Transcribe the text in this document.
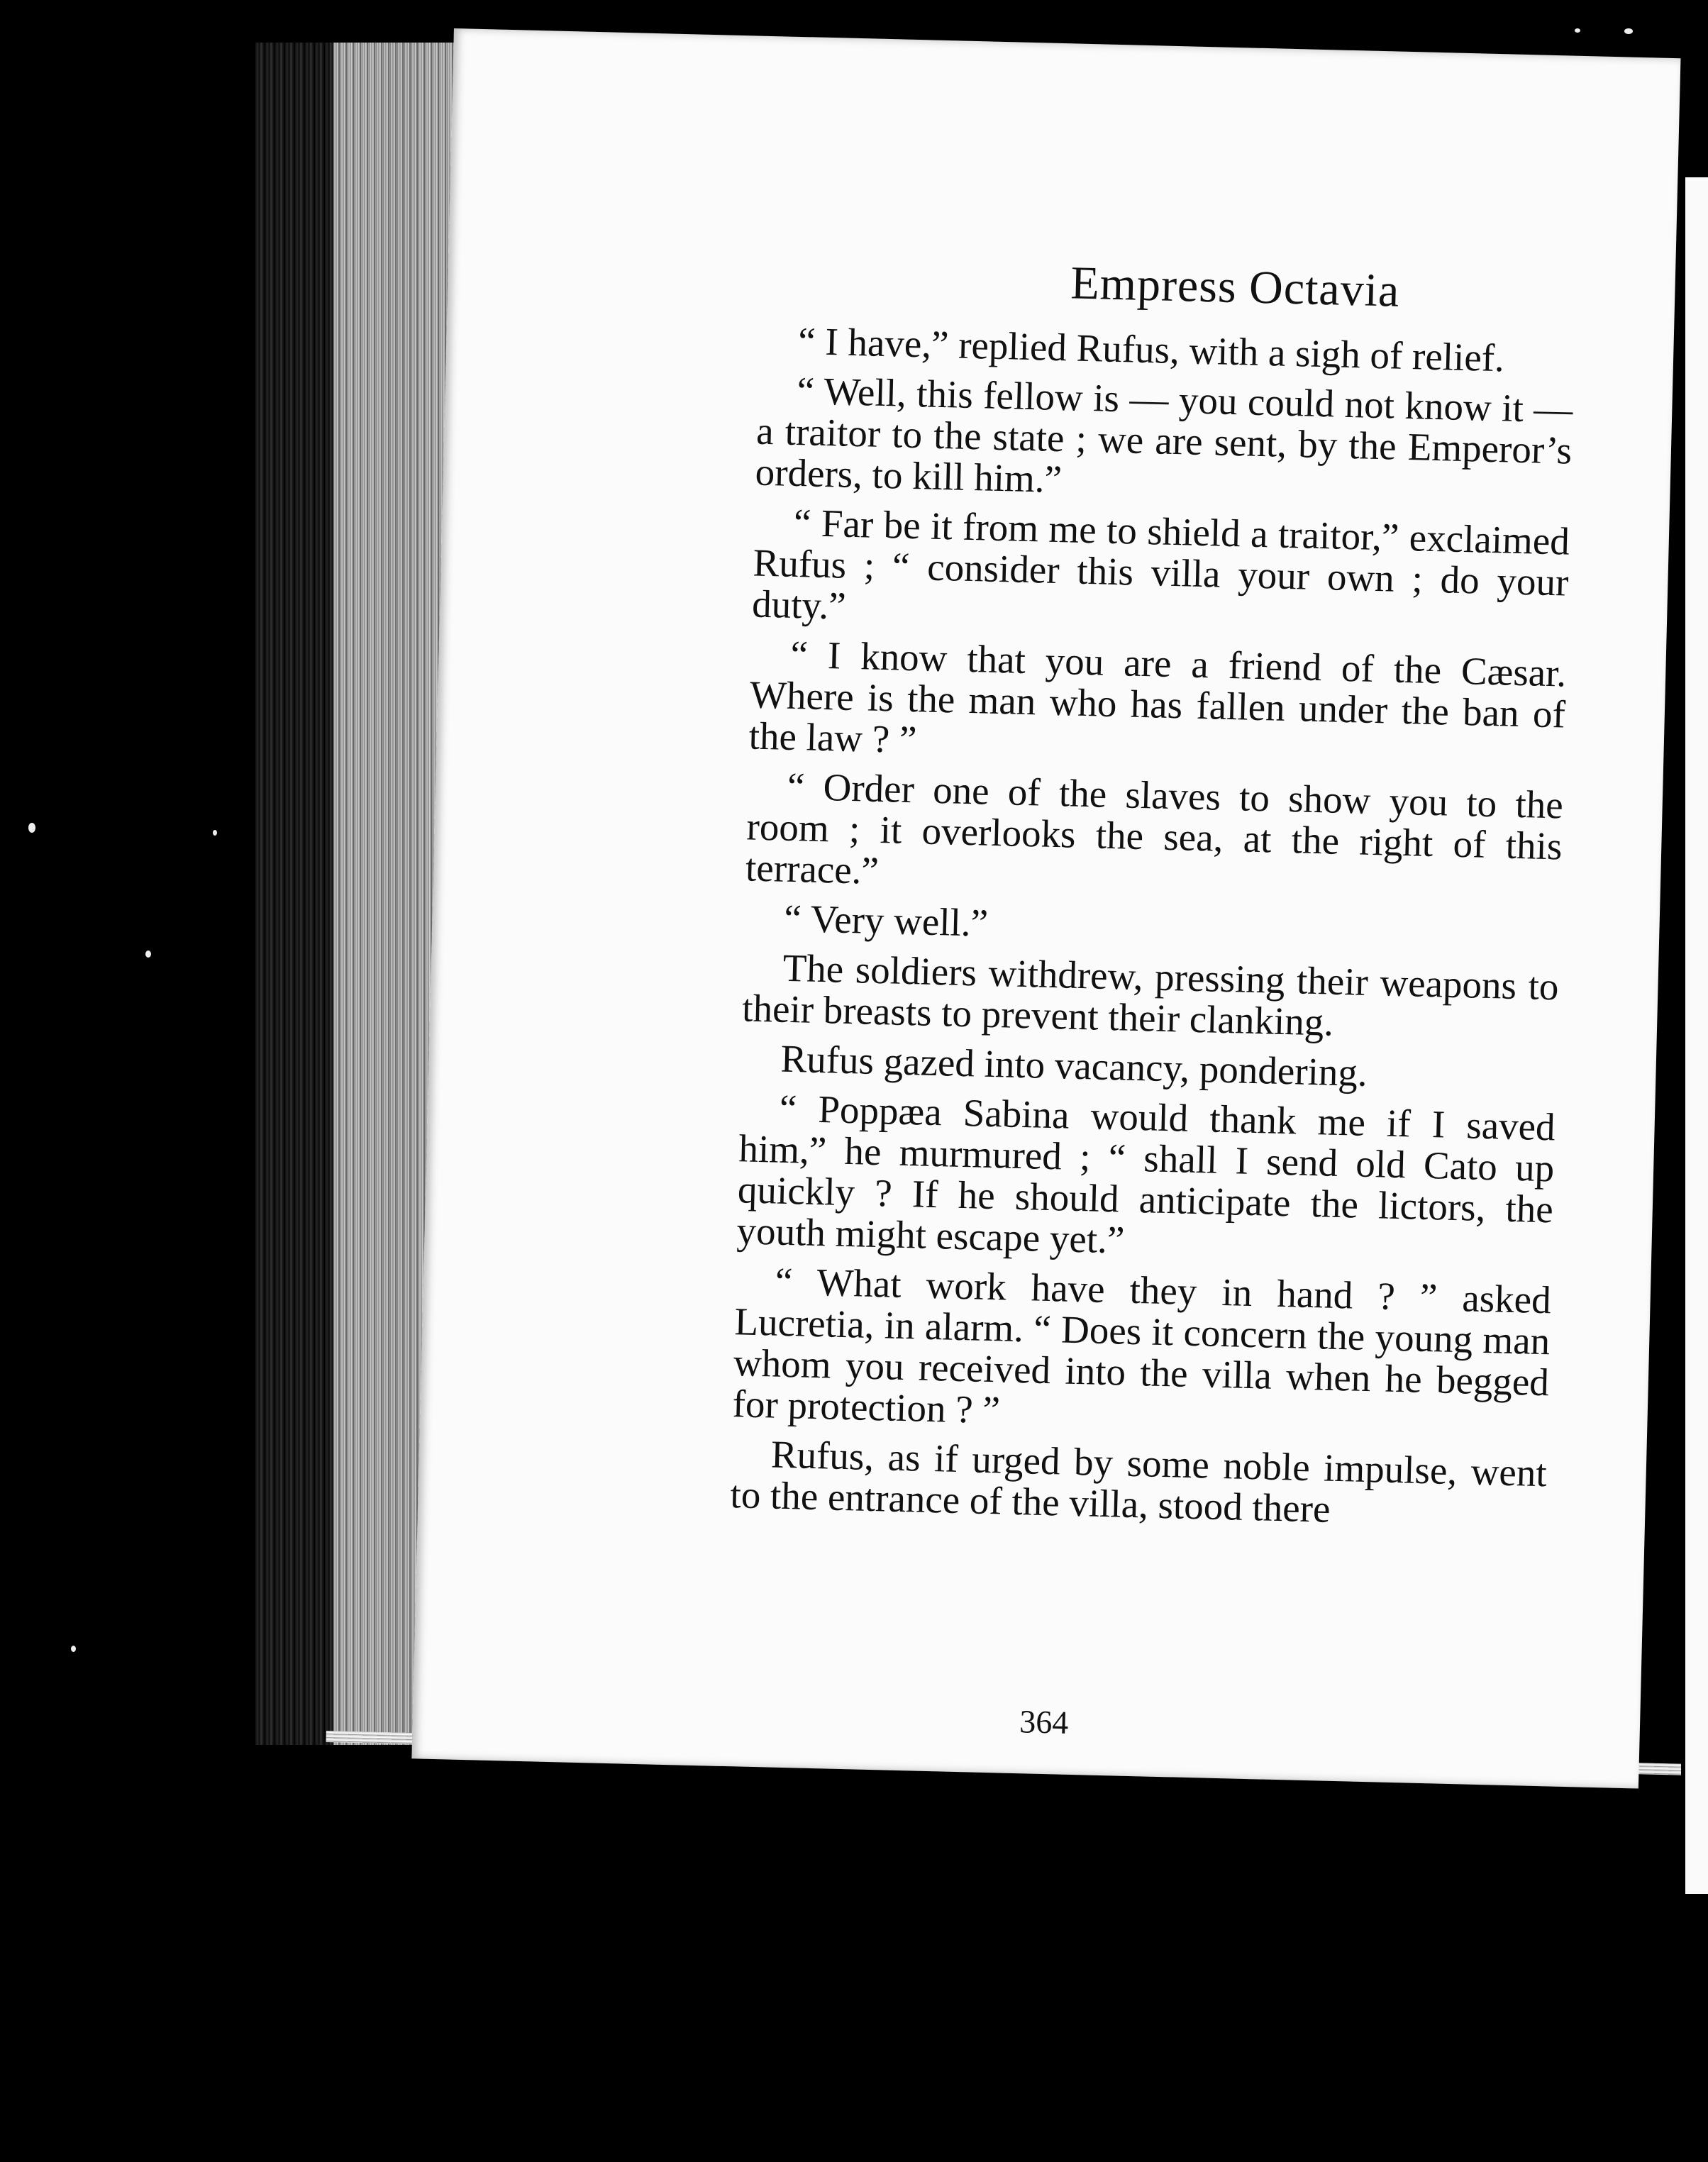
Empress Octavia

“ I have,” replied Rufus, with a sigh of relief.

“ Well, this fellow is — you could not know it — a traitor to the state ; we are sent, by the Emperor’s orders, to kill him.”

“ Far be it from me to shield a traitor,” exclaimed Rufus ; “ consider this villa your own ; do your duty.”

“ I know that you are a friend of the Cæsar. Where is the man who has fallen under the ban of the law ? ”

“ Order one of the slaves to show you to the room ; it overlooks the sea, at the right of this terrace.”

“ Very well.”

The soldiers withdrew, pressing their weapons to their breasts to prevent their clanking.

Rufus gazed into vacancy, pondering.

“ Poppæa Sabina would thank me if I saved him,” he murmured ; “ shall I send old Cato up quickly ? If he should anticipate the lictors, the youth might escape yet.”

“ What work have they in hand ? ” asked Lucretia, in alarm. “ Does it concern the young man whom you received into the villa when he begged for protection ? ”

Rufus, as if urged by some noble impulse, went to the entrance of the villa, stood there

364
